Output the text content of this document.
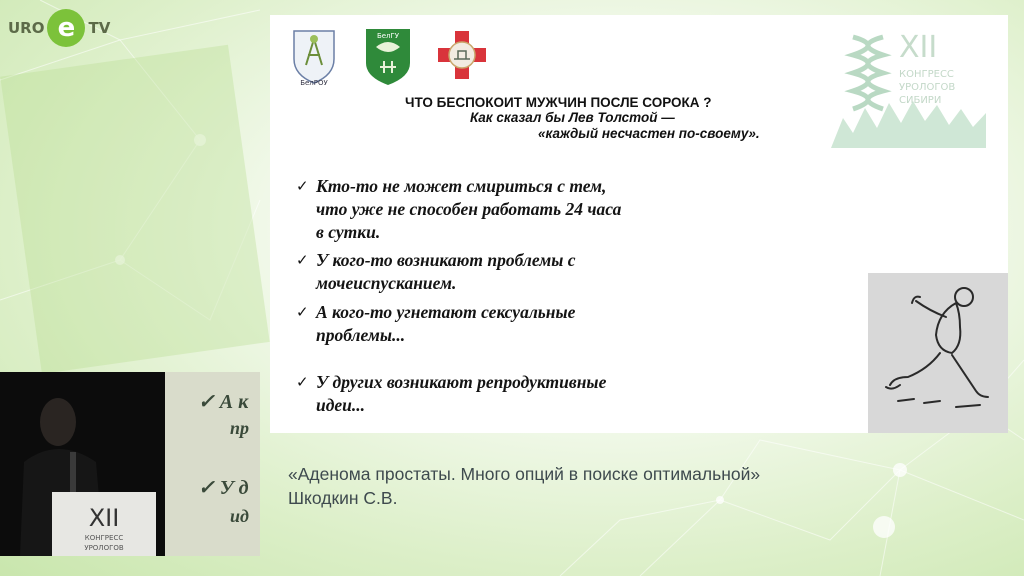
URO e TV
БелРОУ
БелГУ	XII
КОНГРЕСС
УРОЛОГОВ
СИБИРИ
ЧТО БЕСПОКОИТ МУЖЧИН ПОСЛЕ СОРОКА ?
Как сказал бы Лев Толстой —
«каждый несчастен по-своему».
✓ Кто-то не может смириться с тем,
что уже не способен работать 24 часа
в сутки.
✓ У кого-то возникают проблемы с
мочеиспусканием.
✓ А кого-то угнетают сексуальные
проблемы...
✓ У других возникают репродуктивные
идеи...
✓ А к
пр
✓ У д
ид
XII
КОНГРЕСС
УРОЛОГОВ
«Аденома простаты. Много опций в поиске оптимальной»
Шкодкин С.В.
